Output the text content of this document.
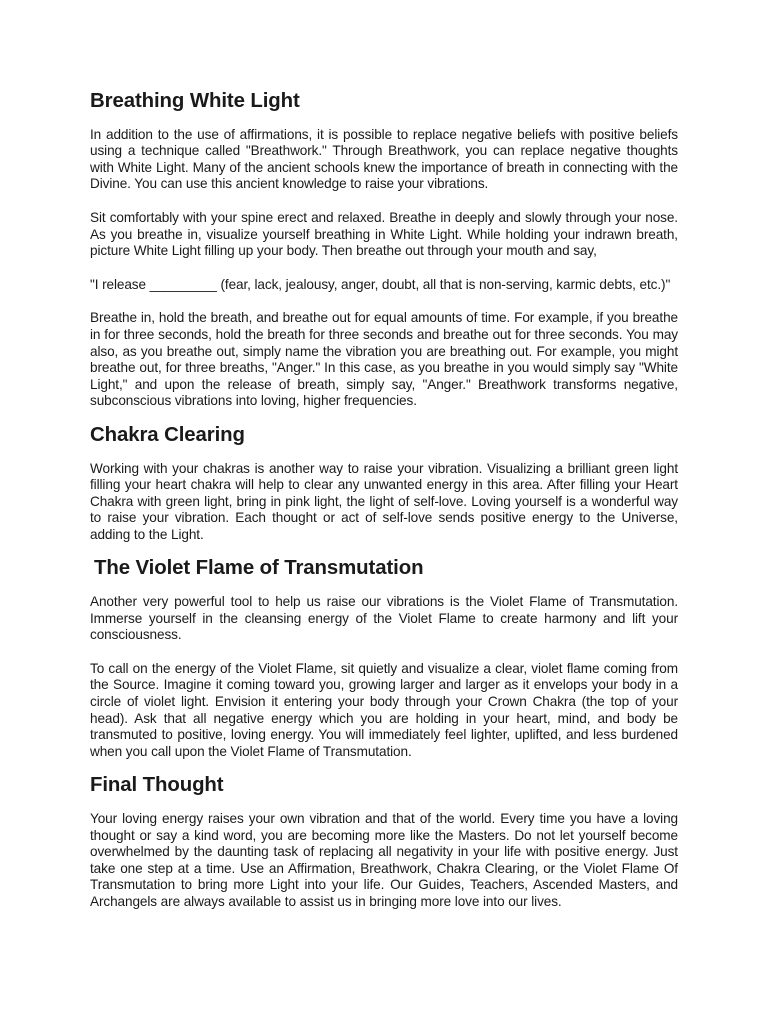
Breathing White Light

In addition to the use of affirmations, it is possible to replace negative beliefs with positive beliefs using a technique called "Breathwork." Through Breathwork, you can replace negative thoughts with White Light. Many of the ancient schools knew the importance of breath in connecting with the Divine. You can use this ancient knowledge to raise your vibrations.

Sit comfortably with your spine erect and relaxed. Breathe in deeply and slowly through your nose. As you breathe in, visualize yourself breathing in White Light. While holding your indrawn breath, picture White Light filling up your body. Then breathe out through your mouth and say,

"I release _________ (fear, lack, jealousy, anger, doubt, all that is non-serving, karmic debts, etc.)"

Breathe in, hold the breath, and breathe out for equal amounts of time. For example, if you breathe in for three seconds, hold the breath for three seconds and breathe out for three seconds. You may also, as you breathe out, simply name the vibration you are breathing out. For example, you might breathe out, for three breaths, "Anger." In this case, as you breathe in you would simply say "White Light," and upon the release of breath, simply say, "Anger." Breathwork transforms negative, subconscious vibrations into loving, higher frequencies.

Chakra Clearing

Working with your chakras is another way to raise your vibration. Visualizing a brilliant green light filling your heart chakra will help to clear any unwanted energy in this area. After filling your Heart Chakra with green light, bring in pink light, the light of self-love. Loving yourself is a wonderful way to raise your vibration. Each thought or act of self-love sends positive energy to the Universe, adding to the Light.

The Violet Flame of Transmutation

Another very powerful tool to help us raise our vibrations is the Violet Flame of Transmutation. Immerse yourself in the cleansing energy of the Violet Flame to create harmony and lift your consciousness.

To call on the energy of the Violet Flame, sit quietly and visualize a clear, violet flame coming from the Source. Imagine it coming toward you, growing larger and larger as it envelops your body in a circle of violet light. Envision it entering your body through your Crown Chakra (the top of your head). Ask that all negative energy which you are holding in your heart, mind, and body be transmuted to positive, loving energy. You will immediately feel lighter, uplifted, and less burdened when you call upon the Violet Flame of Transmutation.

Final Thought

Your loving energy raises your own vibration and that of the world. Every time you have a loving thought or say a kind word, you are becoming more like the Masters. Do not let yourself become overwhelmed by the daunting task of replacing all negativity in your life with positive energy. Just take one step at a time. Use an Affirmation, Breathwork, Chakra Clearing, or the Violet Flame Of Transmutation to bring more Light into your life. Our Guides, Teachers, Ascended Masters, and Archangels are always available to assist us in bringing more love into our lives.
